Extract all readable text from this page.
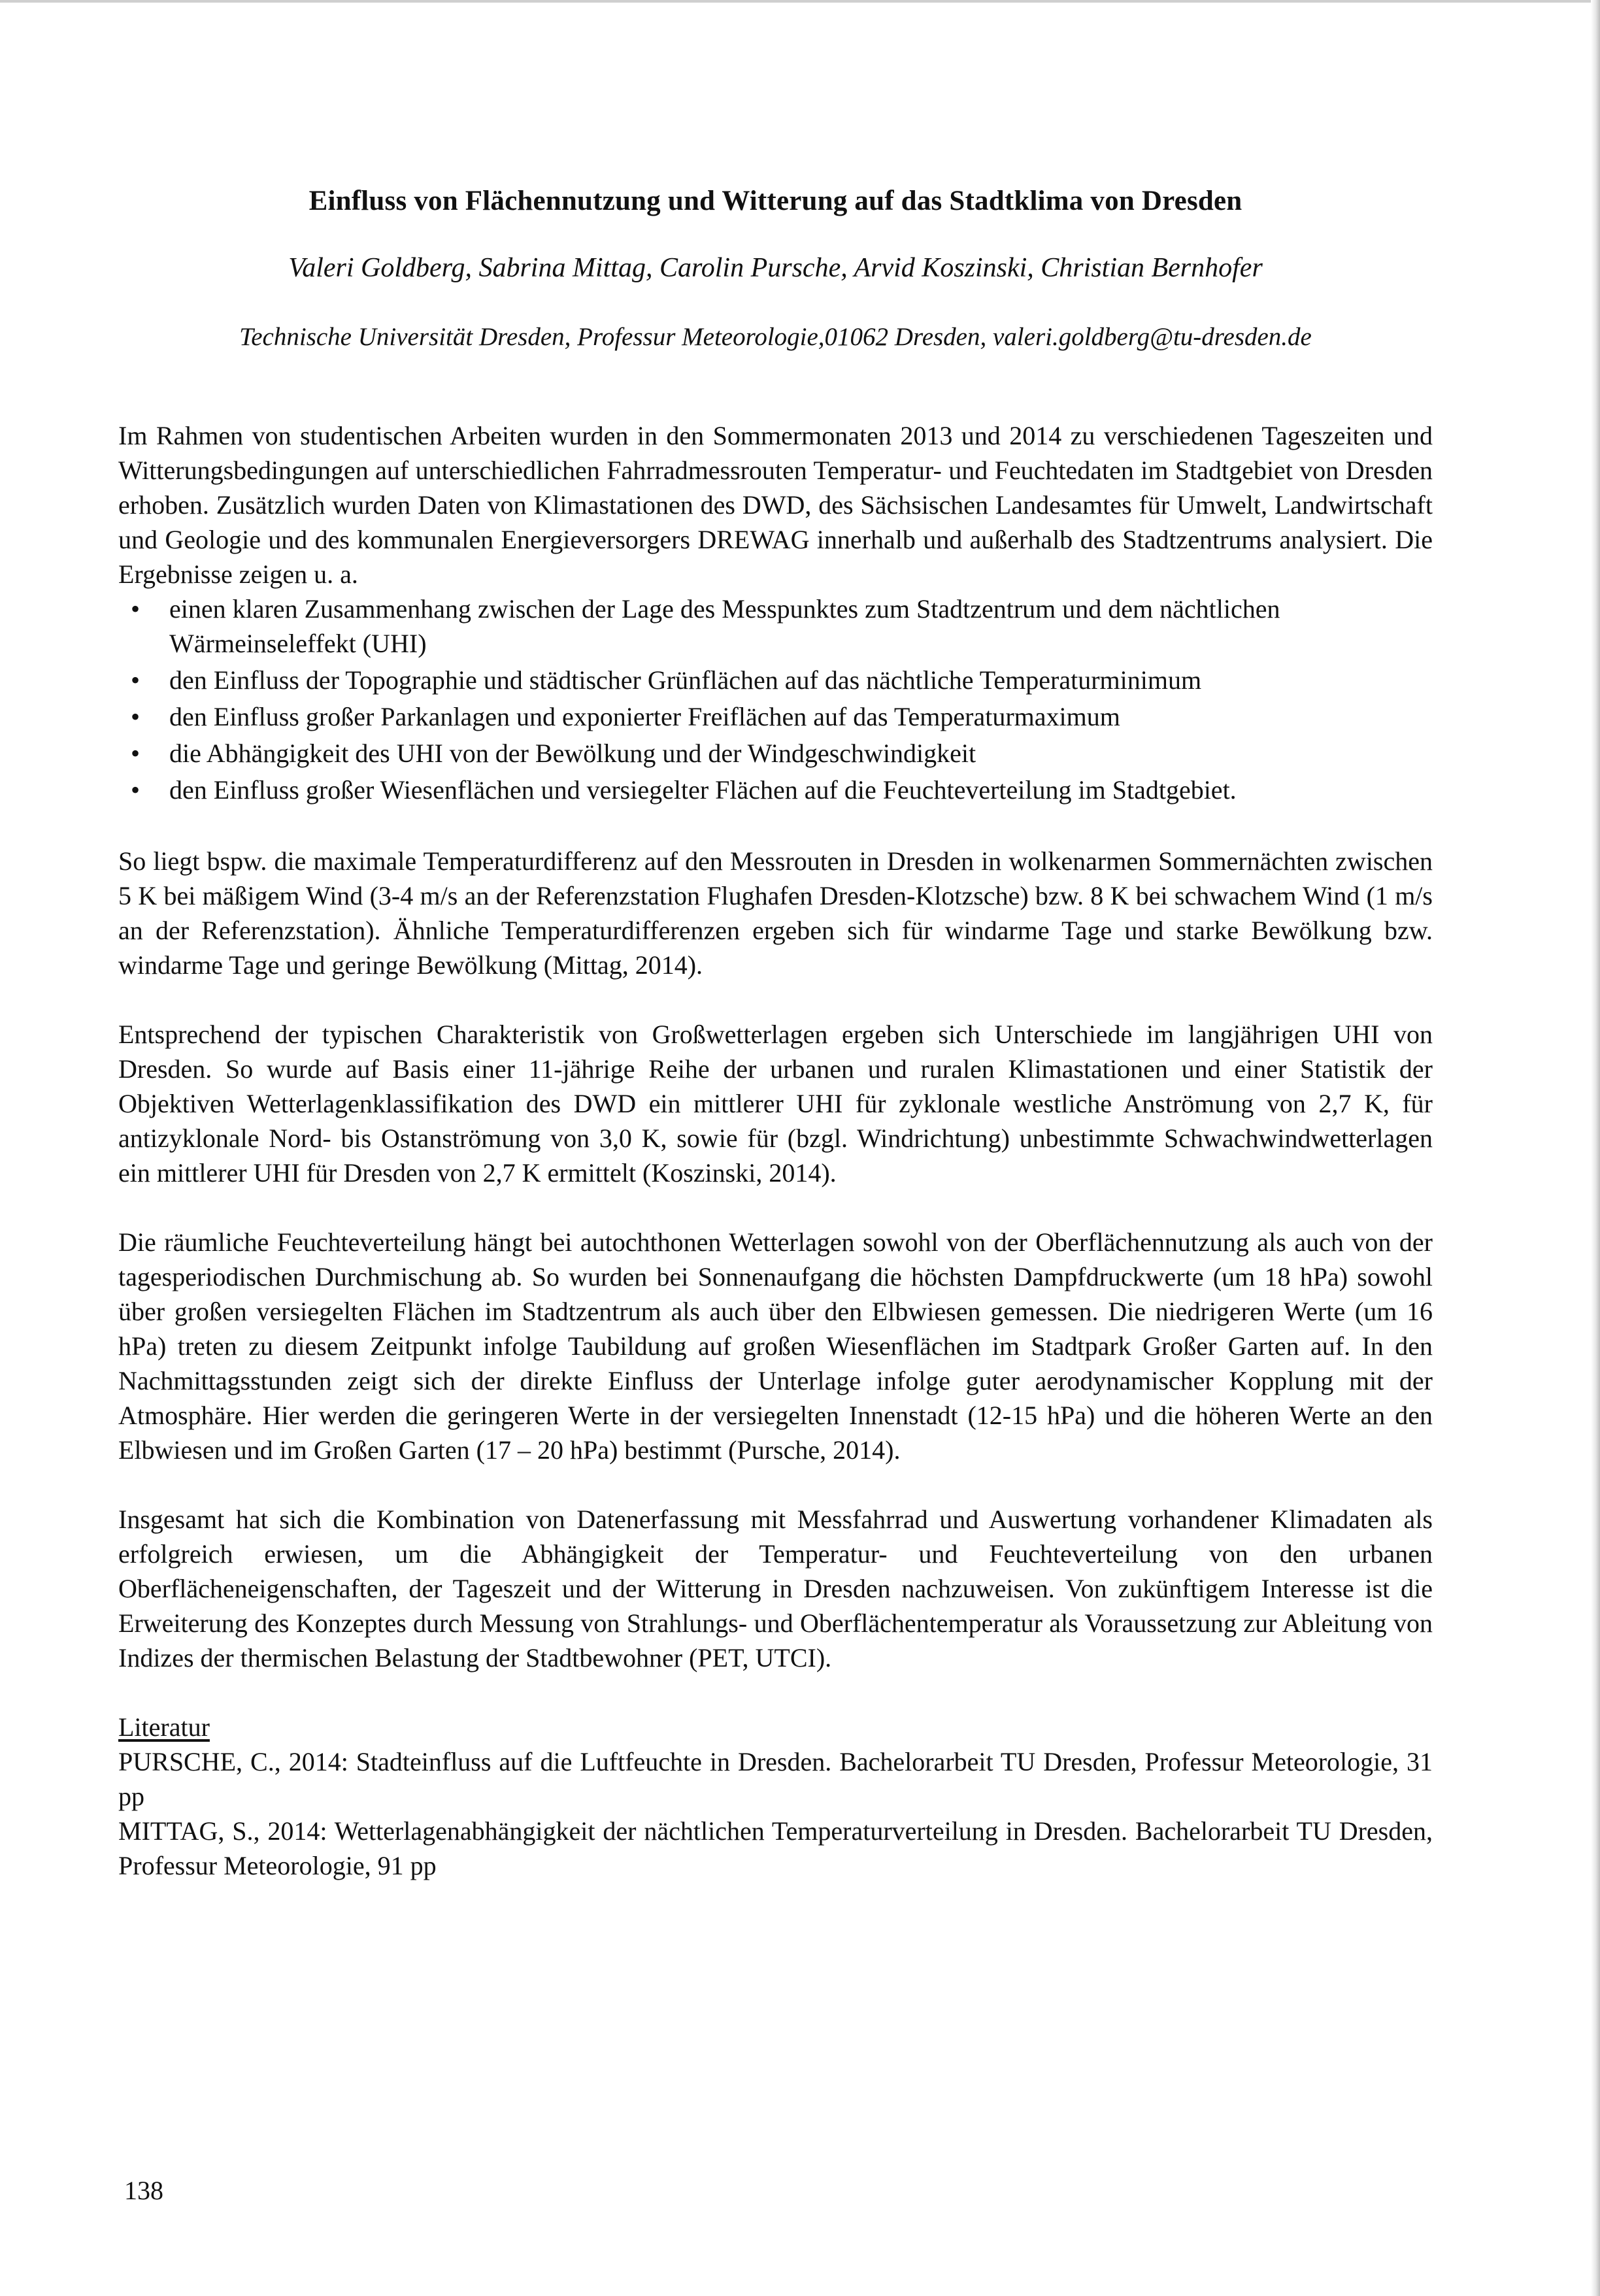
Einfluss von Flächennutzung und Witterung auf das Stadtklima von Dresden
Valeri Goldberg, Sabrina Mittag, Carolin Pursche, Arvid Koszinski, Christian Bernhofer
Technische Universität Dresden, Professur Meteorologie,01062 Dresden, valeri.goldberg@tu-dresden.de

Im Rahmen von studentischen Arbeiten wurden in den Sommermonaten 2013 und 2014 zu verschiedenen Tageszeiten und Witterungsbedingungen auf unterschiedlichen Fahrradmessrouten Temperatur- und Feuchtedaten im Stadtgebiet von Dresden erhoben. Zusätzlich wurden Daten von Klimastationen des DWD, des Sächsischen Landesamtes für Umwelt, Landwirtschaft und Geologie und des kommunalen Energieversorgers DREWAG innerhalb und außerhalb des Stadtzentrums analysiert. Die Ergebnisse zeigen u. a.

•	einen klaren Zusammenhang zwischen der Lage des Messpunktes zum Stadtzentrum und dem nächtlichen Wärmeinseleffekt (UHI)
•	den Einfluss der Topographie und städtischer Grünflächen auf das nächtliche Temperaturminimum
•	den Einfluss großer Parkanlagen und exponierter Freiflächen auf das Temperaturmaximum
•	die Abhängigkeit des UHI von der Bewölkung und der Windgeschwindigkeit
•	den Einfluss großer Wiesenflächen und versiegelter Flächen auf die Feuchteverteilung im Stadtgebiet.

So liegt bspw. die maximale Temperaturdifferenz auf den Messrouten in Dresden in wolkenarmen Sommernächten zwischen 5 K bei mäßigem Wind (3-4 m/s an der Referenzstation Flughafen Dresden-Klotzsche) bzw. 8 K bei schwachem Wind (1 m/s an der Referenzstation). Ähnliche Temperaturdifferenzen ergeben sich für windarme Tage und starke Bewölkung bzw. windarme Tage und geringe Bewölkung (Mittag, 2014).

Entsprechend der typischen Charakteristik von Großwetterlagen ergeben sich Unterschiede im langjährigen UHI von Dresden. So wurde auf Basis einer 11-jährige Reihe der urbanen und ruralen Klimastationen und einer Statistik der Objektiven Wetterlagenklassifikation des DWD ein mittlerer UHI für zyklonale westliche Anströmung von 2,7 K, für antizyklonale Nord- bis Ostanströmung von 3,0 K, sowie für (bzgl. Windrichtung) unbestimmte Schwachwindwetterlagen ein mittlerer UHI für Dresden von 2,7 K ermittelt (Koszinski, 2014).

Die räumliche Feuchteverteilung hängt bei autochthonen Wetterlagen sowohl von der Oberflächennutzung als auch von der tagesperiodischen Durchmischung ab. So wurden bei Sonnenaufgang die höchsten Dampfdruckwerte (um 18 hPa) sowohl über großen versiegelten Flächen im Stadtzentrum als auch über den Elbwiesen gemessen. Die niedrigeren Werte (um 16 hPa) treten zu diesem Zeitpunkt infolge Taubildung auf großen Wiesenflächen im Stadtpark Großer Garten auf. In den Nachmittagsstunden zeigt sich der direkte Einfluss der Unterlage infolge guter aerodynamischer Kopplung mit der Atmosphäre. Hier werden die geringeren Werte in der versiegelten Innenstadt (12-15 hPa) und die höheren Werte an den Elbwiesen und im Großen Garten (17 – 20 hPa) bestimmt (Pursche, 2014).

Insgesamt hat sich die Kombination von Datenerfassung mit Messfahrrad und Auswertung vorhandener Klimadaten als erfolgreich erwiesen, um die Abhängigkeit der Temperatur- und Feuchteverteilung von den urbanen Oberflächeneigenschaften, der Tageszeit und der Witterung in Dresden nachzuweisen. Von zukünftigem Interesse ist die Erweiterung des Konzeptes durch Messung von Strahlungs- und Oberflächentemperatur als Voraussetzung zur Ableitung von Indizes der thermischen Belastung der Stadtbewohner (PET, UTCI).

Literatur

PURSCHE, C., 2014: Stadteinfluss auf die Luftfeuchte in Dresden. Bachelorarbeit TU Dresden, Professur Meteorologie, 31 pp

MITTAG, S., 2014: Wetterlagenabhängigkeit der nächtlichen Temperaturverteilung in Dresden. Bachelorarbeit TU Dresden, Professur Meteorologie, 91 pp

138
